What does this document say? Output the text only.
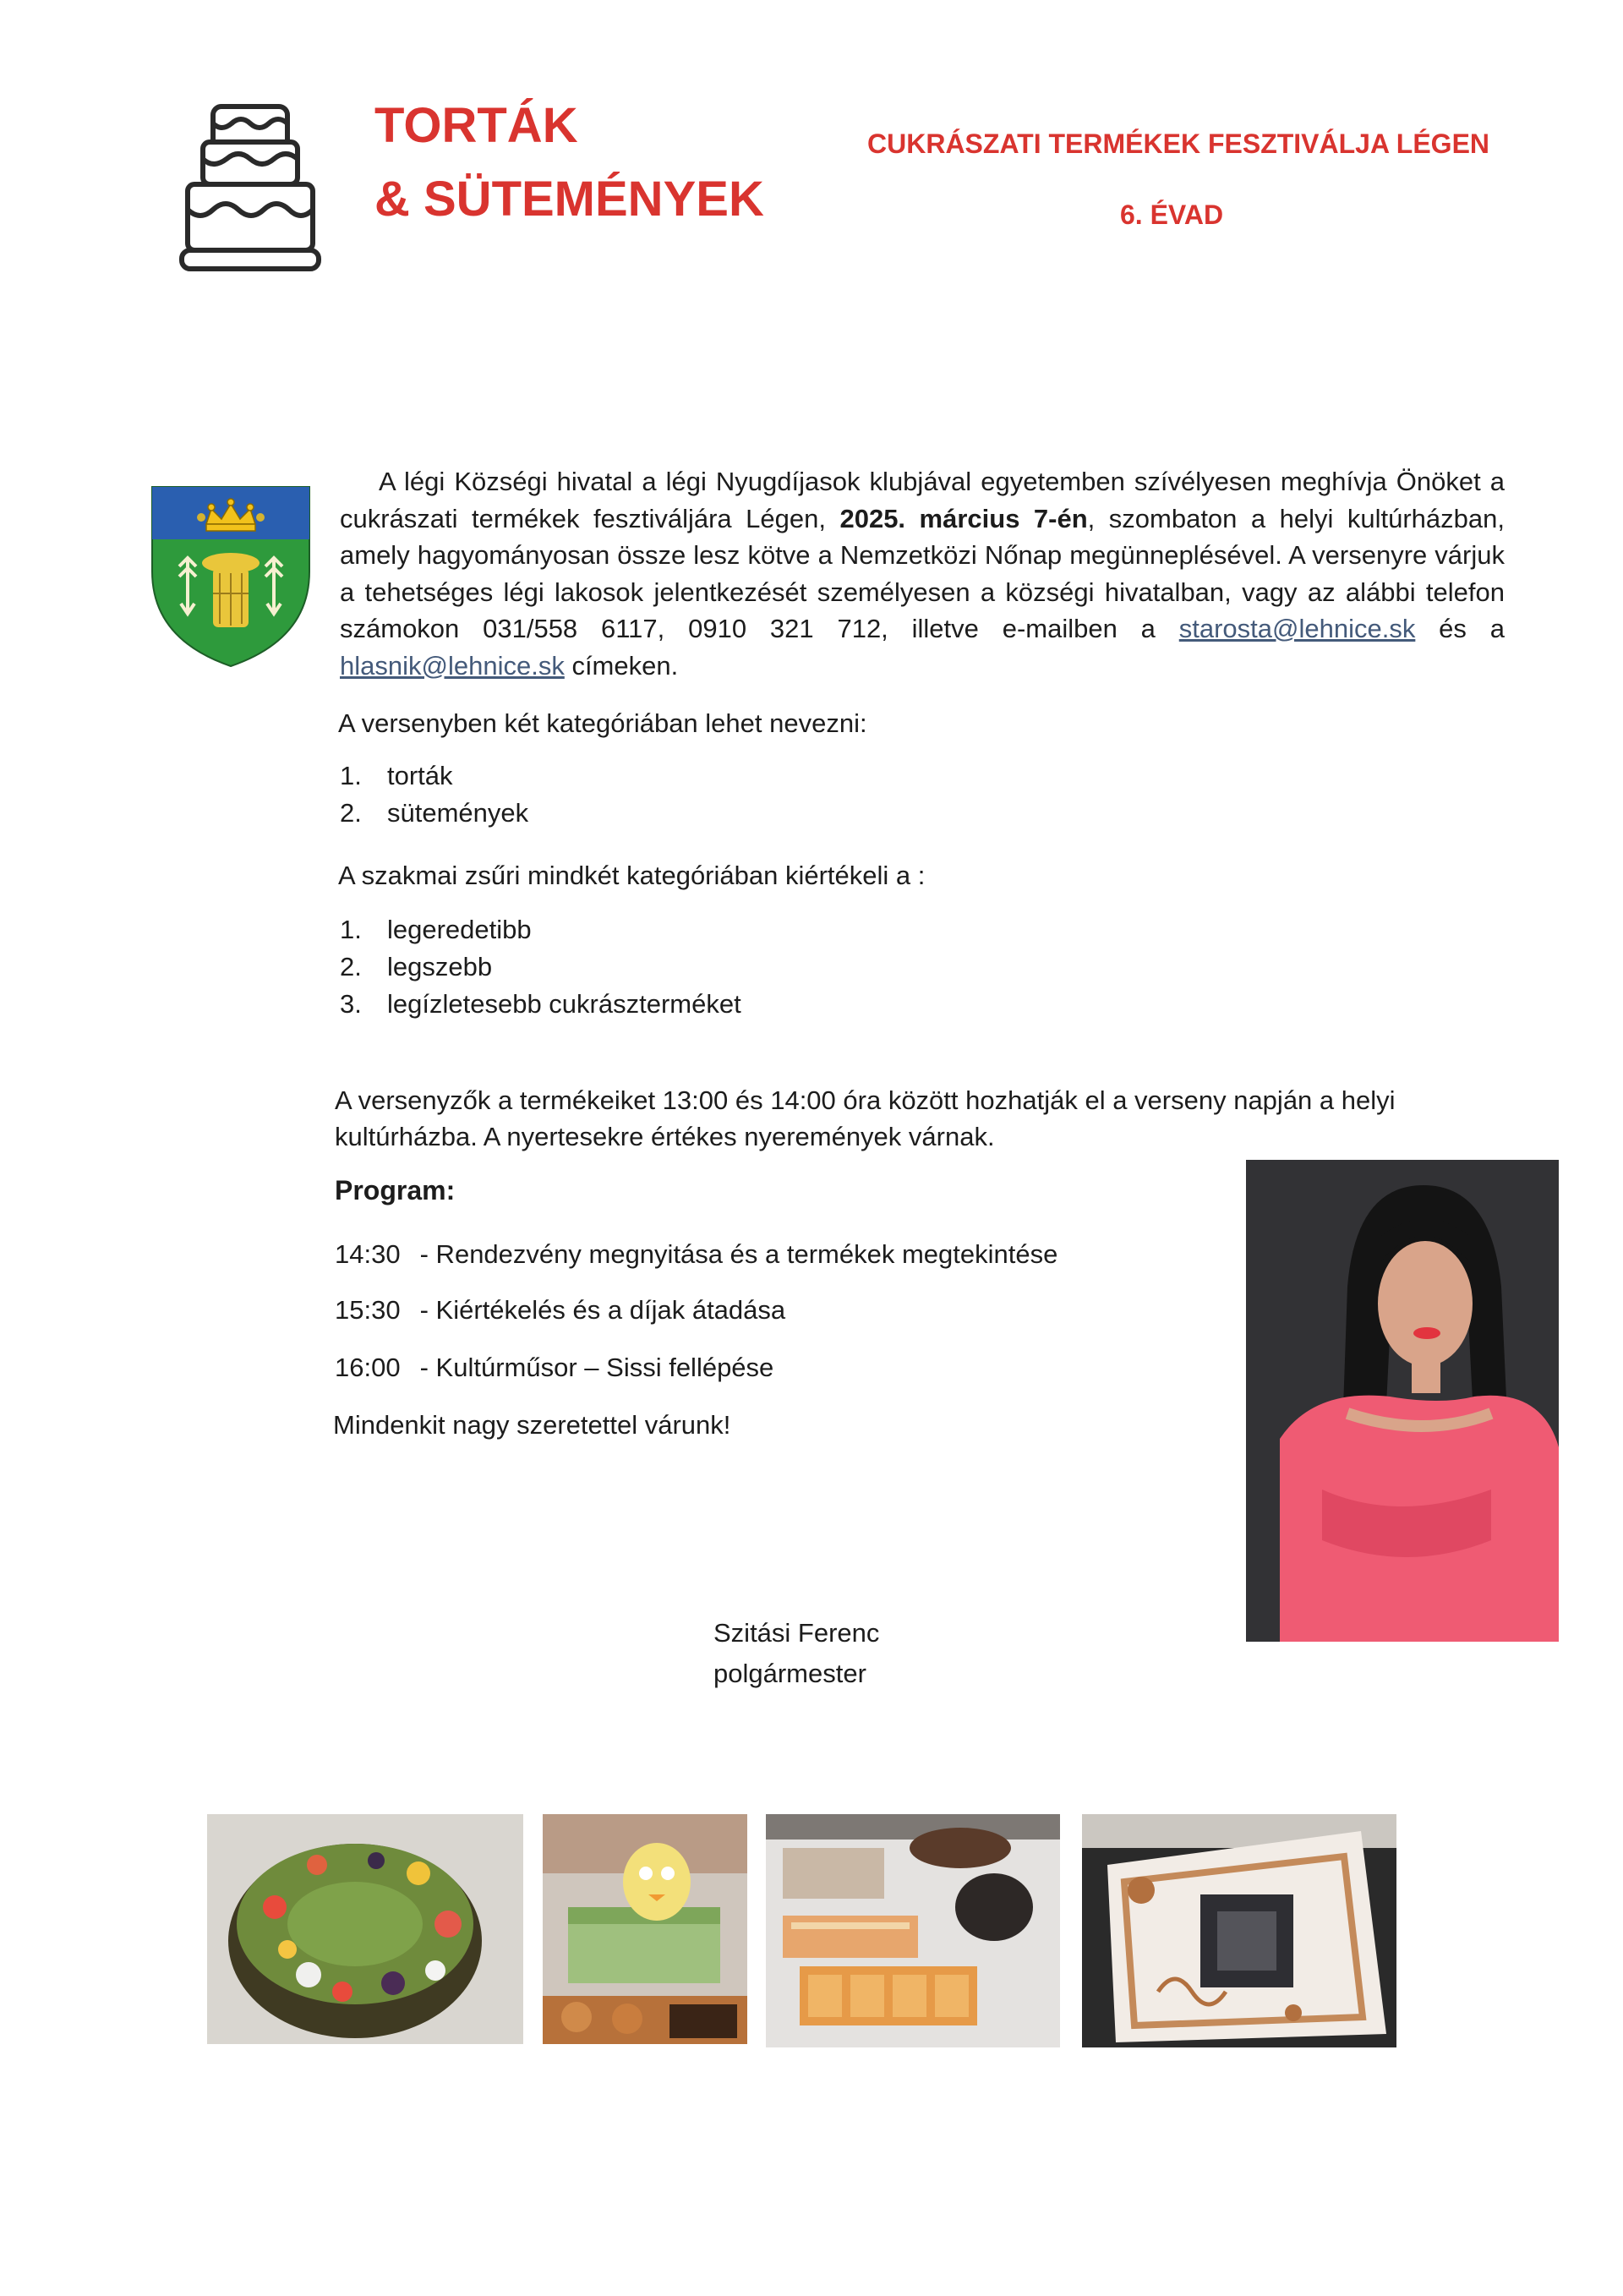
TORTÁK
& SÜTEMÉNYEK
CUKRÁSZATI TERMÉKEK FESZTIVÁLJA LÉGEN
6. ÉVAD

A légi Községi hivatal a légi Nyugdíjasok klubjával egyetemben szívélyesen meghívja Önöket a cukrászati termékek fesztiváljára Légen, 2025. március 7-én, szombaton a helyi kultúrházban, amely hagyományosan össze lesz kötve a Nemzetközi Nőnap megünneplésével. A versenyre várjuk a tehetséges légi lakosok jelentkezését személyesen a községi hivatalban, vagy az alábbi telefon számokon 031/558 6117, 0910 321 712, illetve e-mailben a starosta@lehnice.sk és a hlasnik@lehnice.sk címeken.

A versenyben két kategóriában lehet nevezni:
1. torták
2. sütemények
A szakmai zsűri mindkét kategóriában kiértékeli a :
1. legeredetibb
2. legszebb
3. legízletesebb cukrászterméket

A versenyzők a termékeiket 13:00 és 14:00 óra között hozhatják el a verseny napján a helyi kultúrházba. A nyertesekre értékes nyeremények várnak.

Program:
14:30 - Rendezvény megnyitása és a termékek megtekintése
15:30 - Kiértékelés és a díjak átadása
16:00 - Kultúrműsor – Sissi fellépése
Mindenkit nagy szeretettel várunk!
Szitási Ferenc
polgármester
